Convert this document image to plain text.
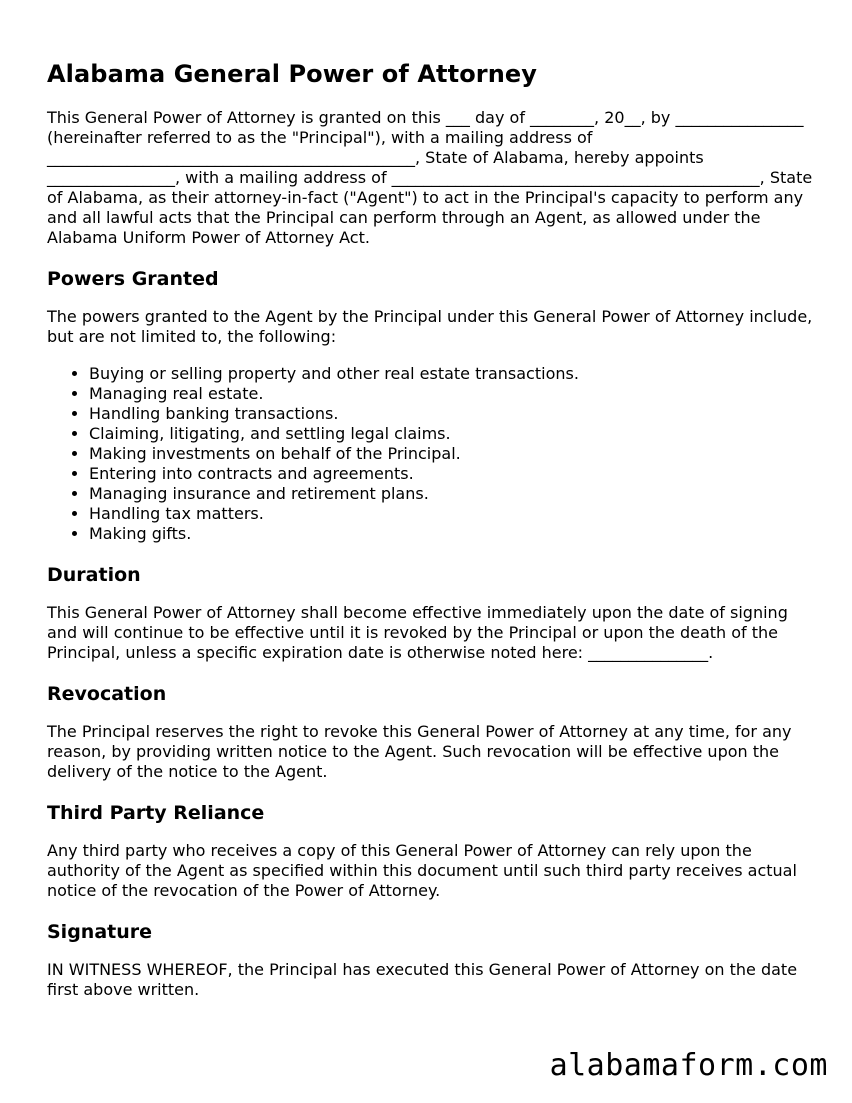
Alabama General Power of Attorney

This General Power of Attorney is granted on this ___ day of ________, 20__, by ________________ (hereinafter referred to as the "Principal"), with a mailing address of ______________________________________________, State of Alabama, hereby appoints ________________, with a mailing address of ______________________________________________, State of Alabama, as their attorney-in-fact ("Agent") to act in the Principal's capacity to perform any and all lawful acts that the Principal can perform through an Agent, as allowed under the Alabama Uniform Power of Attorney Act.

Powers Granted

The powers granted to the Agent by the Principal under this General Power of Attorney include, but are not limited to, the following:

• Buying or selling property and other real estate transactions.
• Managing real estate.
• Handling banking transactions.
• Claiming, litigating, and settling legal claims.
• Making investments on behalf of the Principal.
• Entering into contracts and agreements.
• Managing insurance and retirement plans.
• Handling tax matters.
• Making gifts.
Duration

This General Power of Attorney shall become effective immediately upon the date of signing and will continue to be effective until it is revoked by the Principal or upon the death of the Principal, unless a specific expiration date is otherwise noted here: _______________.

Revocation

The Principal reserves the right to revoke this General Power of Attorney at any time, for any reason, by providing written notice to the Agent. Such revocation will be effective upon the delivery of the notice to the Agent.

Third Party Reliance

Any third party who receives a copy of this General Power of Attorney can rely upon the authority of the Agent as specified within this document until such third party receives actual notice of the revocation of the Power of Attorney.

Signature

IN WITNESS WHEREOF, the Principal has executed this General Power of Attorney on the date first above written.

alabamaform.com
